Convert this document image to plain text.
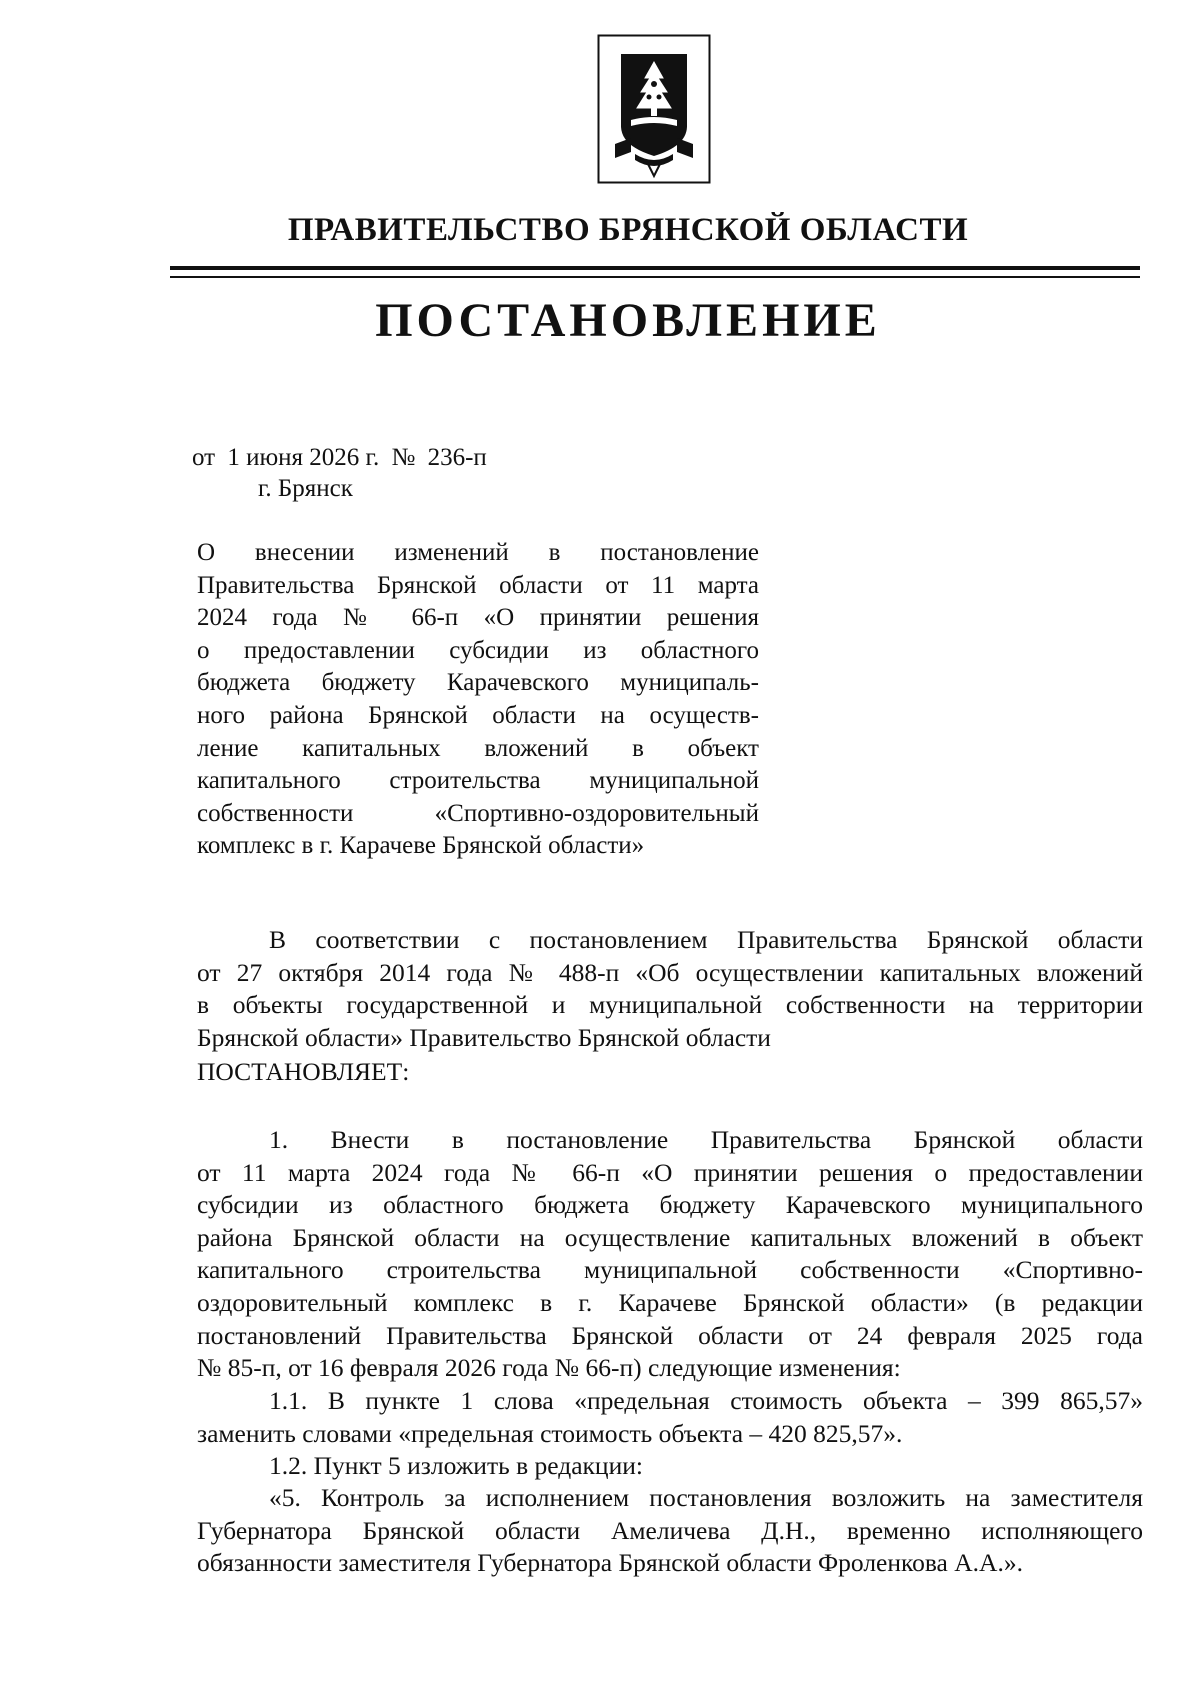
ПРАВИТЕЛЬСТВО БРЯНСКОЙ ОБЛАСТИ
ПОСТАНОВЛЕНИЕ
от 1 июня 2026 г. № 236-п
г. Брянск
О внесении изменений в постановление
Правительства Брянской области от 11 марта
2024 года № 66-п «О принятии решения
о предоставлении субсидии из областного
бюджета бюджету Карачевского муниципаль-
ного района Брянской области на осуществ-
ление капитальных вложений в объект
капитального строительства муниципальной
собственности «Спортивно-оздоровительный
комплекс в г. Карачеве Брянской области»
В соответствии с постановлением Правительства Брянской области
от 27 октября 2014 года № 488-п «Об осуществлении капитальных вложений
в объекты государственной и муниципальной собственности на территории
Брянской области» Правительство Брянской области
ПОСТАНОВЛЯЕТ:
1. Внести в постановление Правительства Брянской области
от 11 марта 2024 года № 66-п «О принятии решения о предоставлении
субсидии из областного бюджета бюджету Карачевского муниципального
района Брянской области на осуществление капитальных вложений в объект
капитального строительства муниципальной собственности «Спортивно-
оздоровительный комплекс в г. Карачеве Брянской области» (в редакции
постановлений Правительства Брянской области от 24 февраля 2025 года
№ 85-п, от 16 февраля 2026 года № 66-п) следующие изменения:
1.1. В пункте 1 слова «предельная стоимость объекта – 399 865,57»
заменить словами «предельная стоимость объекта – 420 825,57».
1.2. Пункт 5 изложить в редакции:
«5. Контроль за исполнением постановления возложить на заместителя
Губернатора Брянской области Амеличева Д.Н., временно исполняющего
обязанности заместителя Губернатора Брянской области Фроленкова А.А.».
